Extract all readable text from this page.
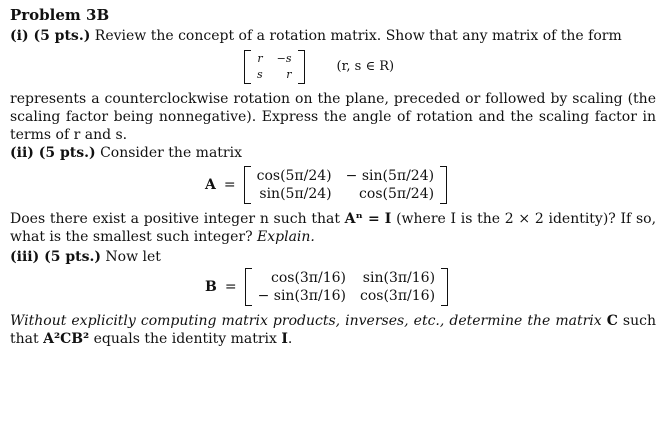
Problem 3B

(i) (5 pts.) Review the concept of a rotation matrix. Show that any matrix of the form

r −s
s	r
(r, s ∈ R)

represents a counterclockwise rotation on the plane, preceded or followed by scaling (the scaling factor being nonnegative). Express the angle of rotation and the scaling factor in terms of r and s.

(ii) (5 pts.) Consider the matrix

A =
cos(5π/24) − sin(5π/24)
sin(5π/24)	cos(5π/24)

Does there exist a positive integer n such that Aⁿ = I (where I is the 2 × 2 identity)? If so, what is the smallest such integer? Explain.

(iii) (5 pts.) Now let

B =
cos(3π/16) sin(3π/16)
− sin(3π/16) cos(3π/16)

Without explicitly computing matrix products, inverses, etc., determine the matrix C such that A²CB² equals the identity matrix I.
